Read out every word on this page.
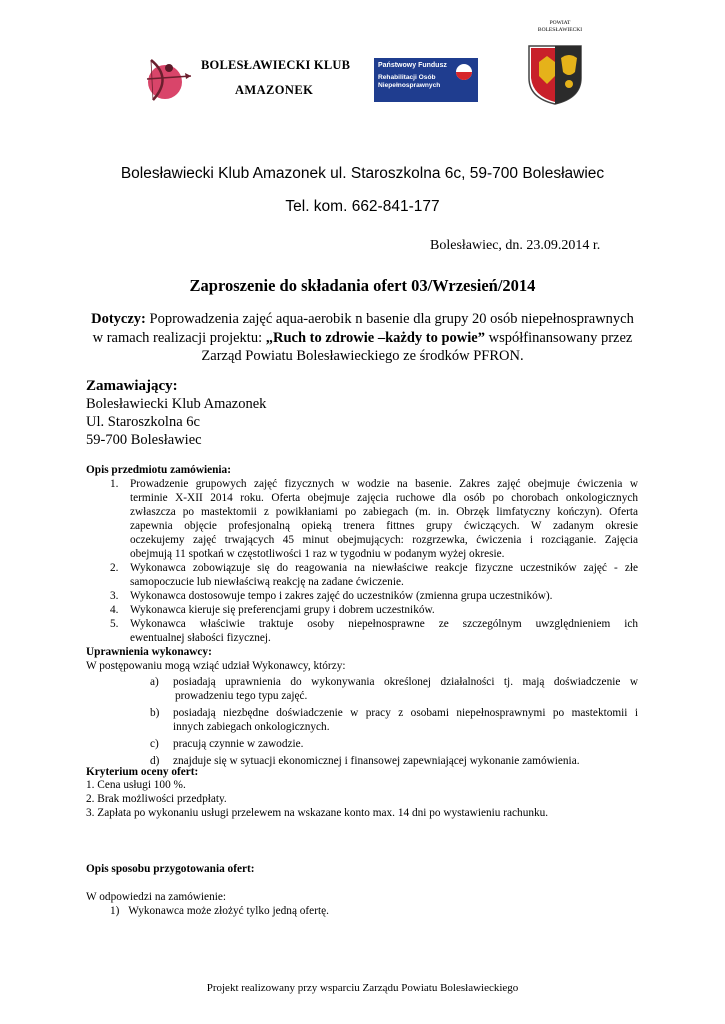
BOLESŁAWIECKI KLUB
AMAZONEK
Państwowy Fundusz
Rehabilitacji Osób
Niepełnosprawnych
POWIAT
BOLESŁAWIECKI
Bolesławiecki Klub Amazonek ul. Staroszkolna 6c, 59-700 Bolesławiec
Tel. kom. 662-841-177
Bolesławiec, dn. 23.09.2014 r.
Zaproszenie do składania ofert 03/Wrzesień/2014

Dotyczy: Poprowadzenia zajęć aqua-aerobik n basenie dla grupy 20 osób niepełnosprawnych

w ramach realizacji projektu: „Ruch to zdrowie –każdy to powie” współfinansowany przez

Zarząd Powiatu Bolesławieckiego ze środków PFRON.

Zamawiający:
Bolesławiecki Klub Amazonek
Ul. Staroszkolna 6c
59-700 Bolesławiec
Opis przedmiotu zamówienia:
1. Prowadzenie grupowych zajęć fizycznych w wodzie na basenie. Zakres zajęć obejmuje ćwiczenia w
terminie X-XII 2014 roku. Oferta obejmuje zajęcia ruchowe dla osób po chorobach onkologicznych
zwłaszcza po mastektomii z powikłaniami po zabiegach (m. in. Obrzęk limfatyczny kończyn). Oferta
zapewnia objęcie profesjonalną opieką trenera fittnes grupy ćwiczących. W zadanym okresie
oczekujemy zajęć trwających 45 minut obejmujących: rozgrzewka, ćwiczenia i rozciąganie. Zajęcia
obejmują 11 spotkań w częstotliwości 1 raz w tygodniu w podanym wyżej okresie.
2. Wykonawca zobowiązuje się do reagowania na niewłaściwe reakcje fizyczne uczestników zajęć - złe
samopoczucie lub niewłaściwą reakcję na zadane ćwiczenie.
3. Wykonawca dostosowuje tempo i zakres zajęć do uczestników (zmienna grupa uczestników).
4. Wykonawca kieruje się preferencjami grupy i dobrem uczestników.
5. Wykonawca właściwie traktuje osoby niepełnosprawne ze szczególnym uwzględnieniem ich
ewentualnej słabości fizycznej.
Uprawnienia wykonawcy:
W postępowaniu mogą wziąć udział Wykonawcy, którzy:
a) posiadają uprawnienia do wykonywania określonej działalności tj. mają doświadczenie w
prowadzeniu tego typu zajęć.
b) posiadają niezbędne doświadczenie w pracy z osobami niepełnosprawnymi po mastektomii i
innych zabiegach onkologicznych.
c) pracują czynnie w zawodzie.
d) znajduje się w sytuacji ekonomicznej i finansowej zapewniającej wykonanie zamówienia.
Kryterium oceny ofert:
1. Cena usługi 100 %.
2. Brak możliwości przedpłaty.
3. Zapłata po wykonaniu usługi przelewem na wskazane konto max. 14 dni po wystawieniu rachunku.
Opis sposobu przygotowania ofert:
W odpowiedzi na zamówienie:
1) Wykonawca może złożyć tylko jedną ofertę.
Projekt realizowany przy wsparciu Zarządu Powiatu Bolesławieckiego
